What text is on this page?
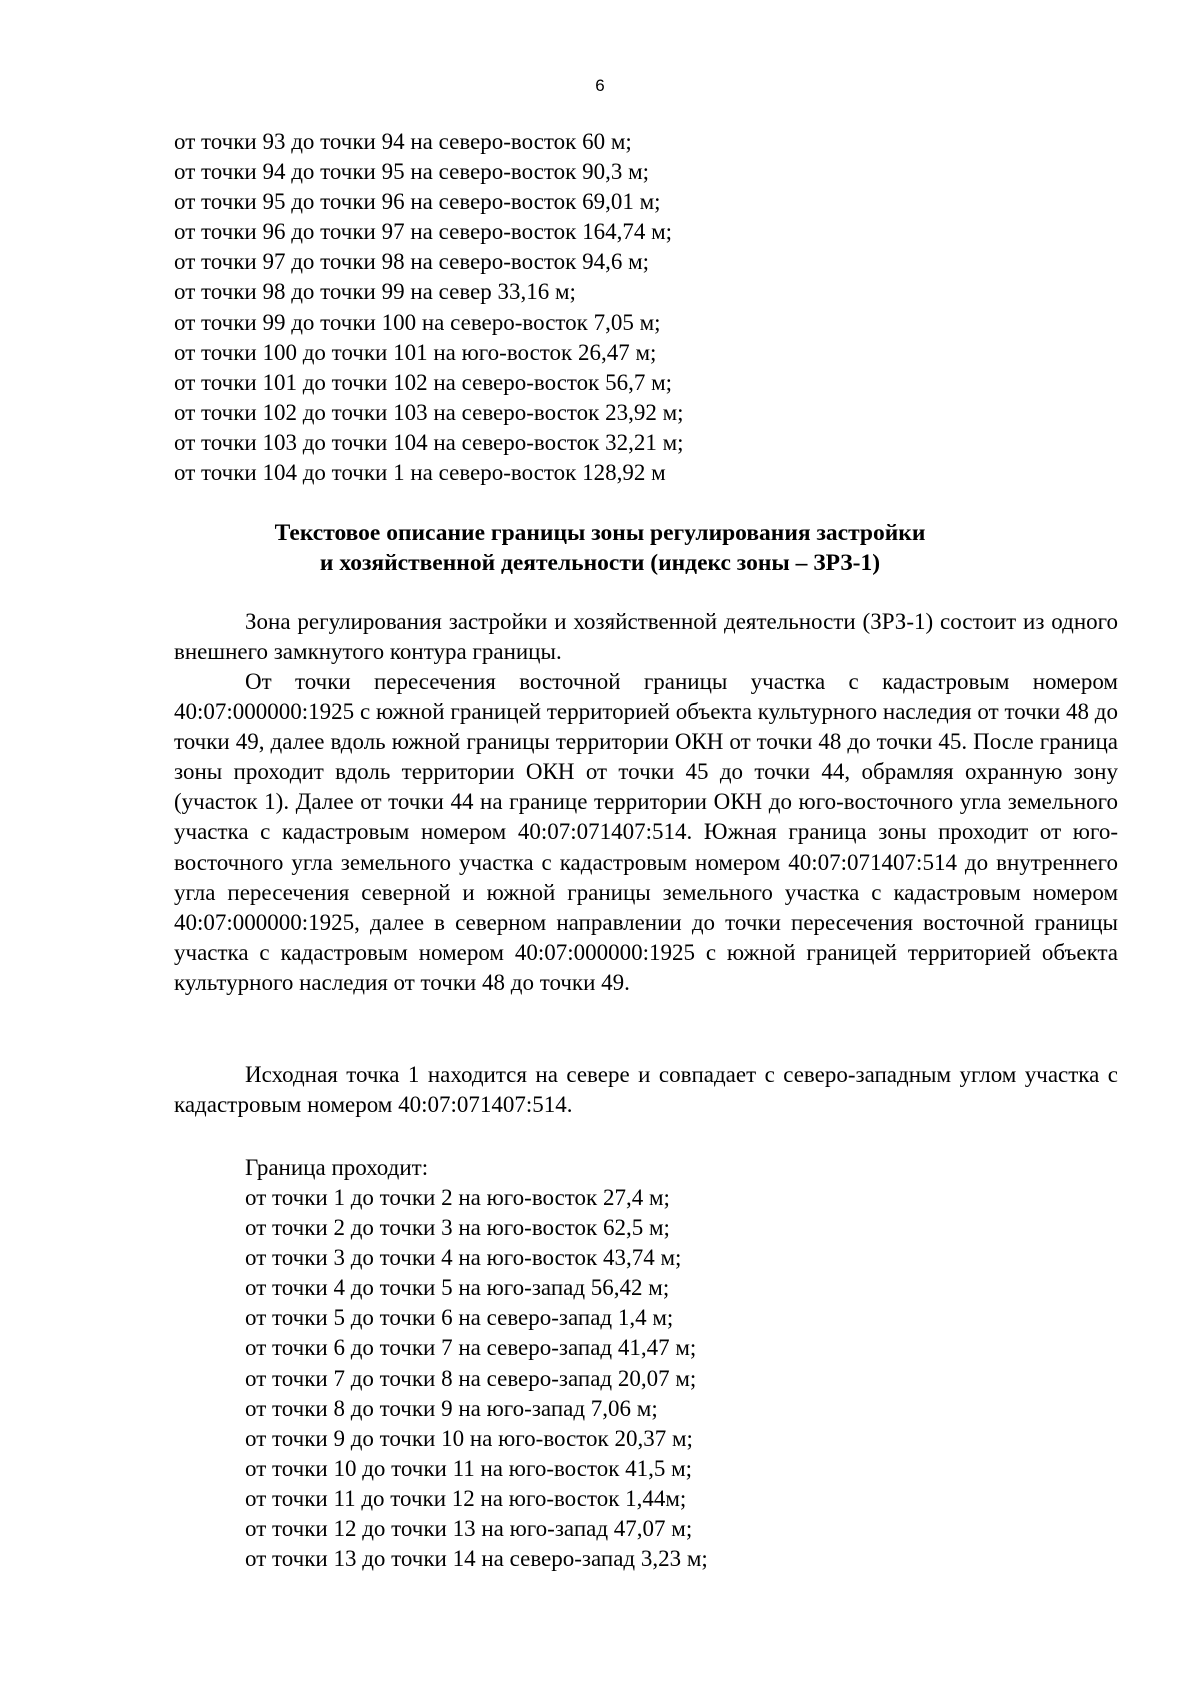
6
от точки 93 до точки 94 на северо-восток 60 м;
от точки 94 до точки 95 на северо-восток 90,3 м;
от точки 95 до точки 96 на северо-восток 69,01 м;
от точки 96 до точки 97 на северо-восток 164,74 м;
от точки 97 до точки 98 на северо-восток 94,6 м;
от точки 98 до точки 99 на север 33,16 м;
от точки 99 до точки 100 на северо-восток 7,05 м;
от точки 100 до точки 101 на юго-восток 26,47 м;
от точки 101 до точки 102 на северо-восток 56,7 м;
от точки 102 до точки 103 на северо-восток 23,92 м;
от точки 103 до точки 104 на северо-восток 32,21 м;
от точки 104 до точки 1 на северо-восток 128,92 м
Текстовое описание границы зоны регулирования застройки
и хозяйственной деятельности (индекс зоны – ЗРЗ-1)

Зона регулирования застройки и хозяйственной деятельности (ЗРЗ-1) состоит из одного внешнего замкнутого контура границы.

От точки пересечения восточной границы участка с кадастровым номером 40:07:000000:1925 с южной границей территорией объекта культурного наследия от точки 48 до точки 49, далее вдоль южной границы территории ОКН от точки 48 до точки 45. После граница зоны проходит вдоль территории ОКН от точки 45 до точки 44, обрамляя охранную зону (участок 1). Далее от точки 44 на границе территории ОКН до юго-восточного угла земельного участка с кадастровым номером 40:07:071407:514. Южная граница зоны проходит от юго-восточного угла земельного участка с кадастровым номером 40:07:071407:514 до внутреннего угла пересечения северной и южной границы земельного участка с кадастровым номером 40:07:000000:1925, далее в северном направлении до точки пересечения восточной границы участка с кадастровым номером 40:07:000000:1925 с южной границей территорией объекта культурного наследия от точки 48 до точки 49.

Исходная точка 1 находится на севере и совпадает с северо-западным углом участка с кадастровым номером 40:07:071407:514.

Граница проходит:
от точки 1 до точки 2 на юго-восток 27,4 м;
от точки 2 до точки 3 на юго-восток 62,5 м;
от точки 3 до точки 4 на юго-восток 43,74 м;
от точки 4 до точки 5 на юго-запад 56,42 м;
от точки 5 до точки 6 на северо-запад 1,4 м;
от точки 6 до точки 7 на северо-запад 41,47 м;
от точки 7 до точки 8 на северо-запад 20,07 м;
от точки 8 до точки 9 на юго-запад 7,06 м;
от точки 9 до точки 10 на юго-восток 20,37 м;
от точки 10 до точки 11 на юго-восток 41,5 м;
от точки 11 до точки 12 на юго-восток 1,44м;
от точки 12 до точки 13 на юго-запад 47,07 м;
от точки 13 до точки 14 на северо-запад 3,23 м;
